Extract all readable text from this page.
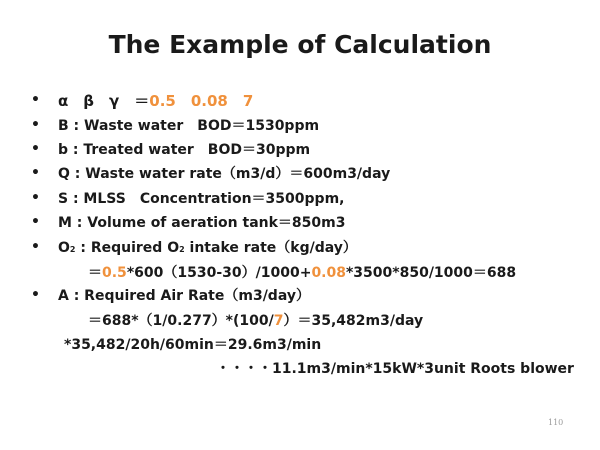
The Example of Calculation
• α　β　γ　＝0.5　 0.08　 7
• B : Waste water　BOD＝1530ppm
• b : Treated water　BOD＝30ppm
• Q : Waste water rate（m3/d）＝600m3/day
• S : MLSS　Concentration＝3500ppm,
• M : Volume of aeration tank＝850m3
• O2 : Required O2 intake rate（kg/day）
＝0.5*600（1530-30）/1000+0.08*3500*850/1000＝688
• A : Required Air Rate（m3/day）
＝688*（1/0.277）*(100/7）＝35,482m3/day
*35,482/20h/60min＝29.6m3/min
・・・・11.1m3/min*15kW*3unit Roots blower
110
